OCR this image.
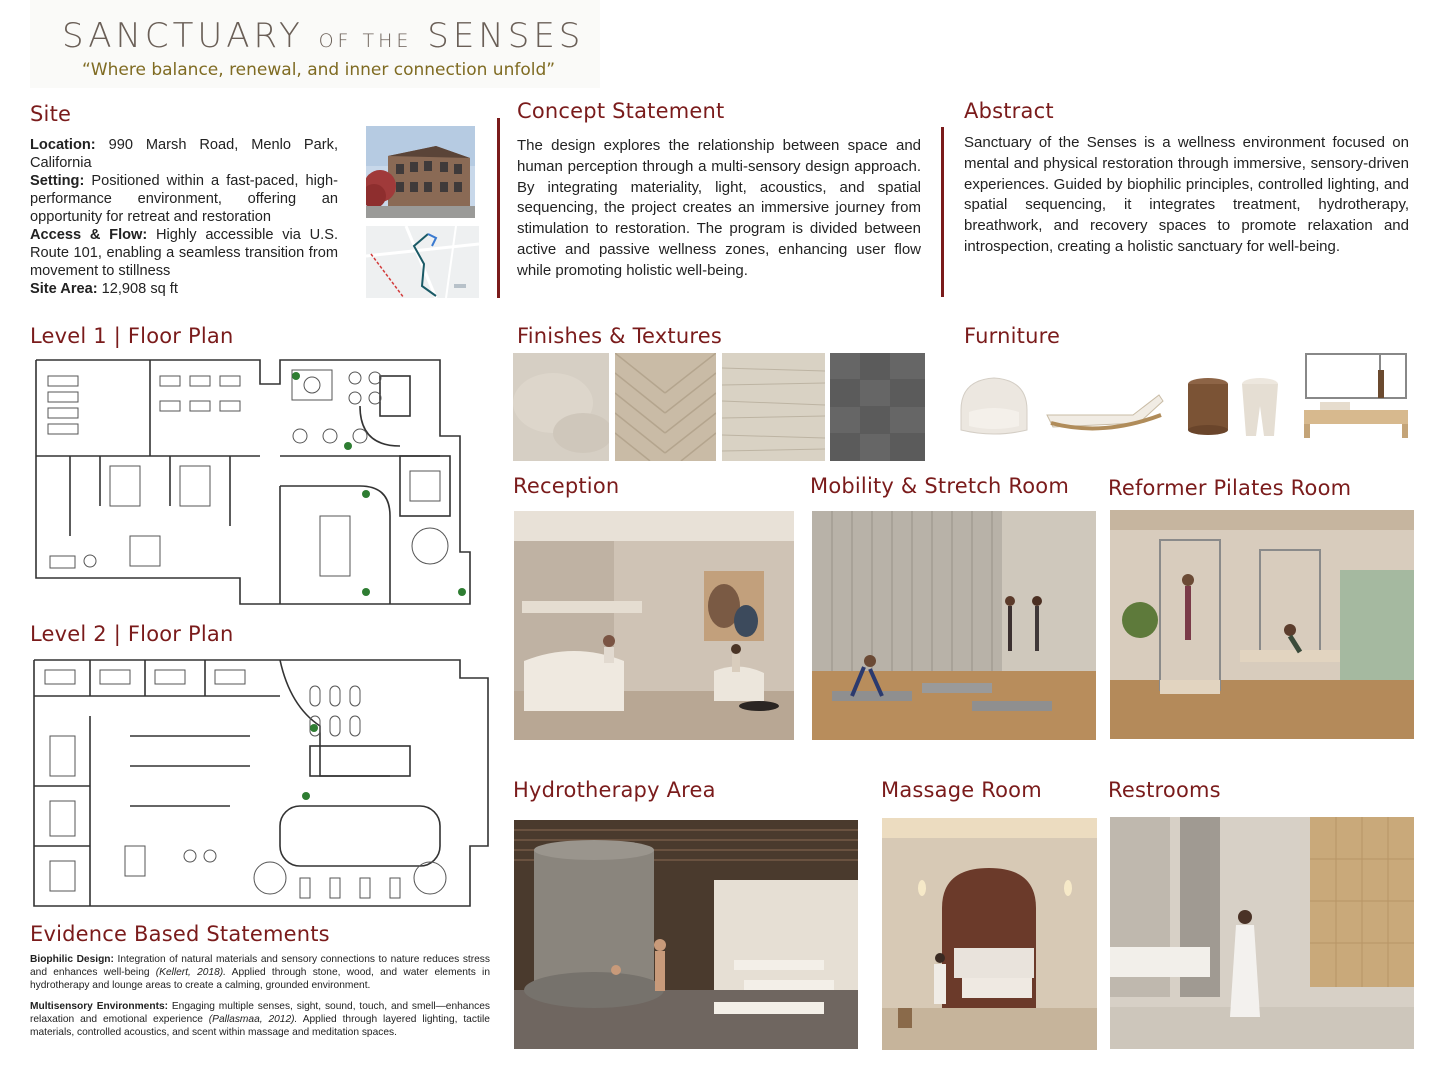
SANCTUARY OF THE SENSES
“Where balance, renewal, and inner connection unfold”
Site
Location: 990 Marsh Road, Menlo Park, California
Setting: Positioned within a fast-paced, high-performance environment, offering an opportunity for retreat and restoration
Access & Flow: Highly accessible via U.S. Route 101, enabling a seamless transition from movement to stillness
Site Area: 12,908 sq ft
Concept Statement
The design explores the relationship between space and human perception through a multi-sensory design approach. By integrating materiality, light, acoustics, and spatial sequencing, the project creates an immersive journey from stimulation to restoration. The program is divided between active and passive wellness zones, enhancing user flow while promoting holistic well-being.
Abstract
Sanctuary of the Senses is a wellness environment focused on mental and physical restoration through immersive, sensory-driven experiences. Guided by biophilic principles, controlled lighting, and spatial sequencing, it integrates treatment, hydrotherapy, breathwork, and recovery spaces to promote relaxation and introspection, creating a holistic sanctuary for well-being.
Level 1 | Floor Plan
Level 2 | Floor Plan
Evidence Based Statements
Biophilic Design: Integration of natural materials and sensory connections to nature reduces stress and enhances well-being (Kellert, 2018). Applied through stone, wood, and water elements in hydrotherapy and lounge areas to create a calming, grounded environment.
Multisensory Environments: Engaging multiple senses, sight, sound, touch, and smell—enhances relaxation and emotional experience (Pallasmaa, 2012). Applied through layered lighting, tactile materials, controlled acoustics, and scent within massage and meditation spaces.
Finishes & Textures	Furniture
Reception	Mobility & Stretch Room Reformer Pilates Room
Hydrotherapy Area	Massage Room	Restrooms
